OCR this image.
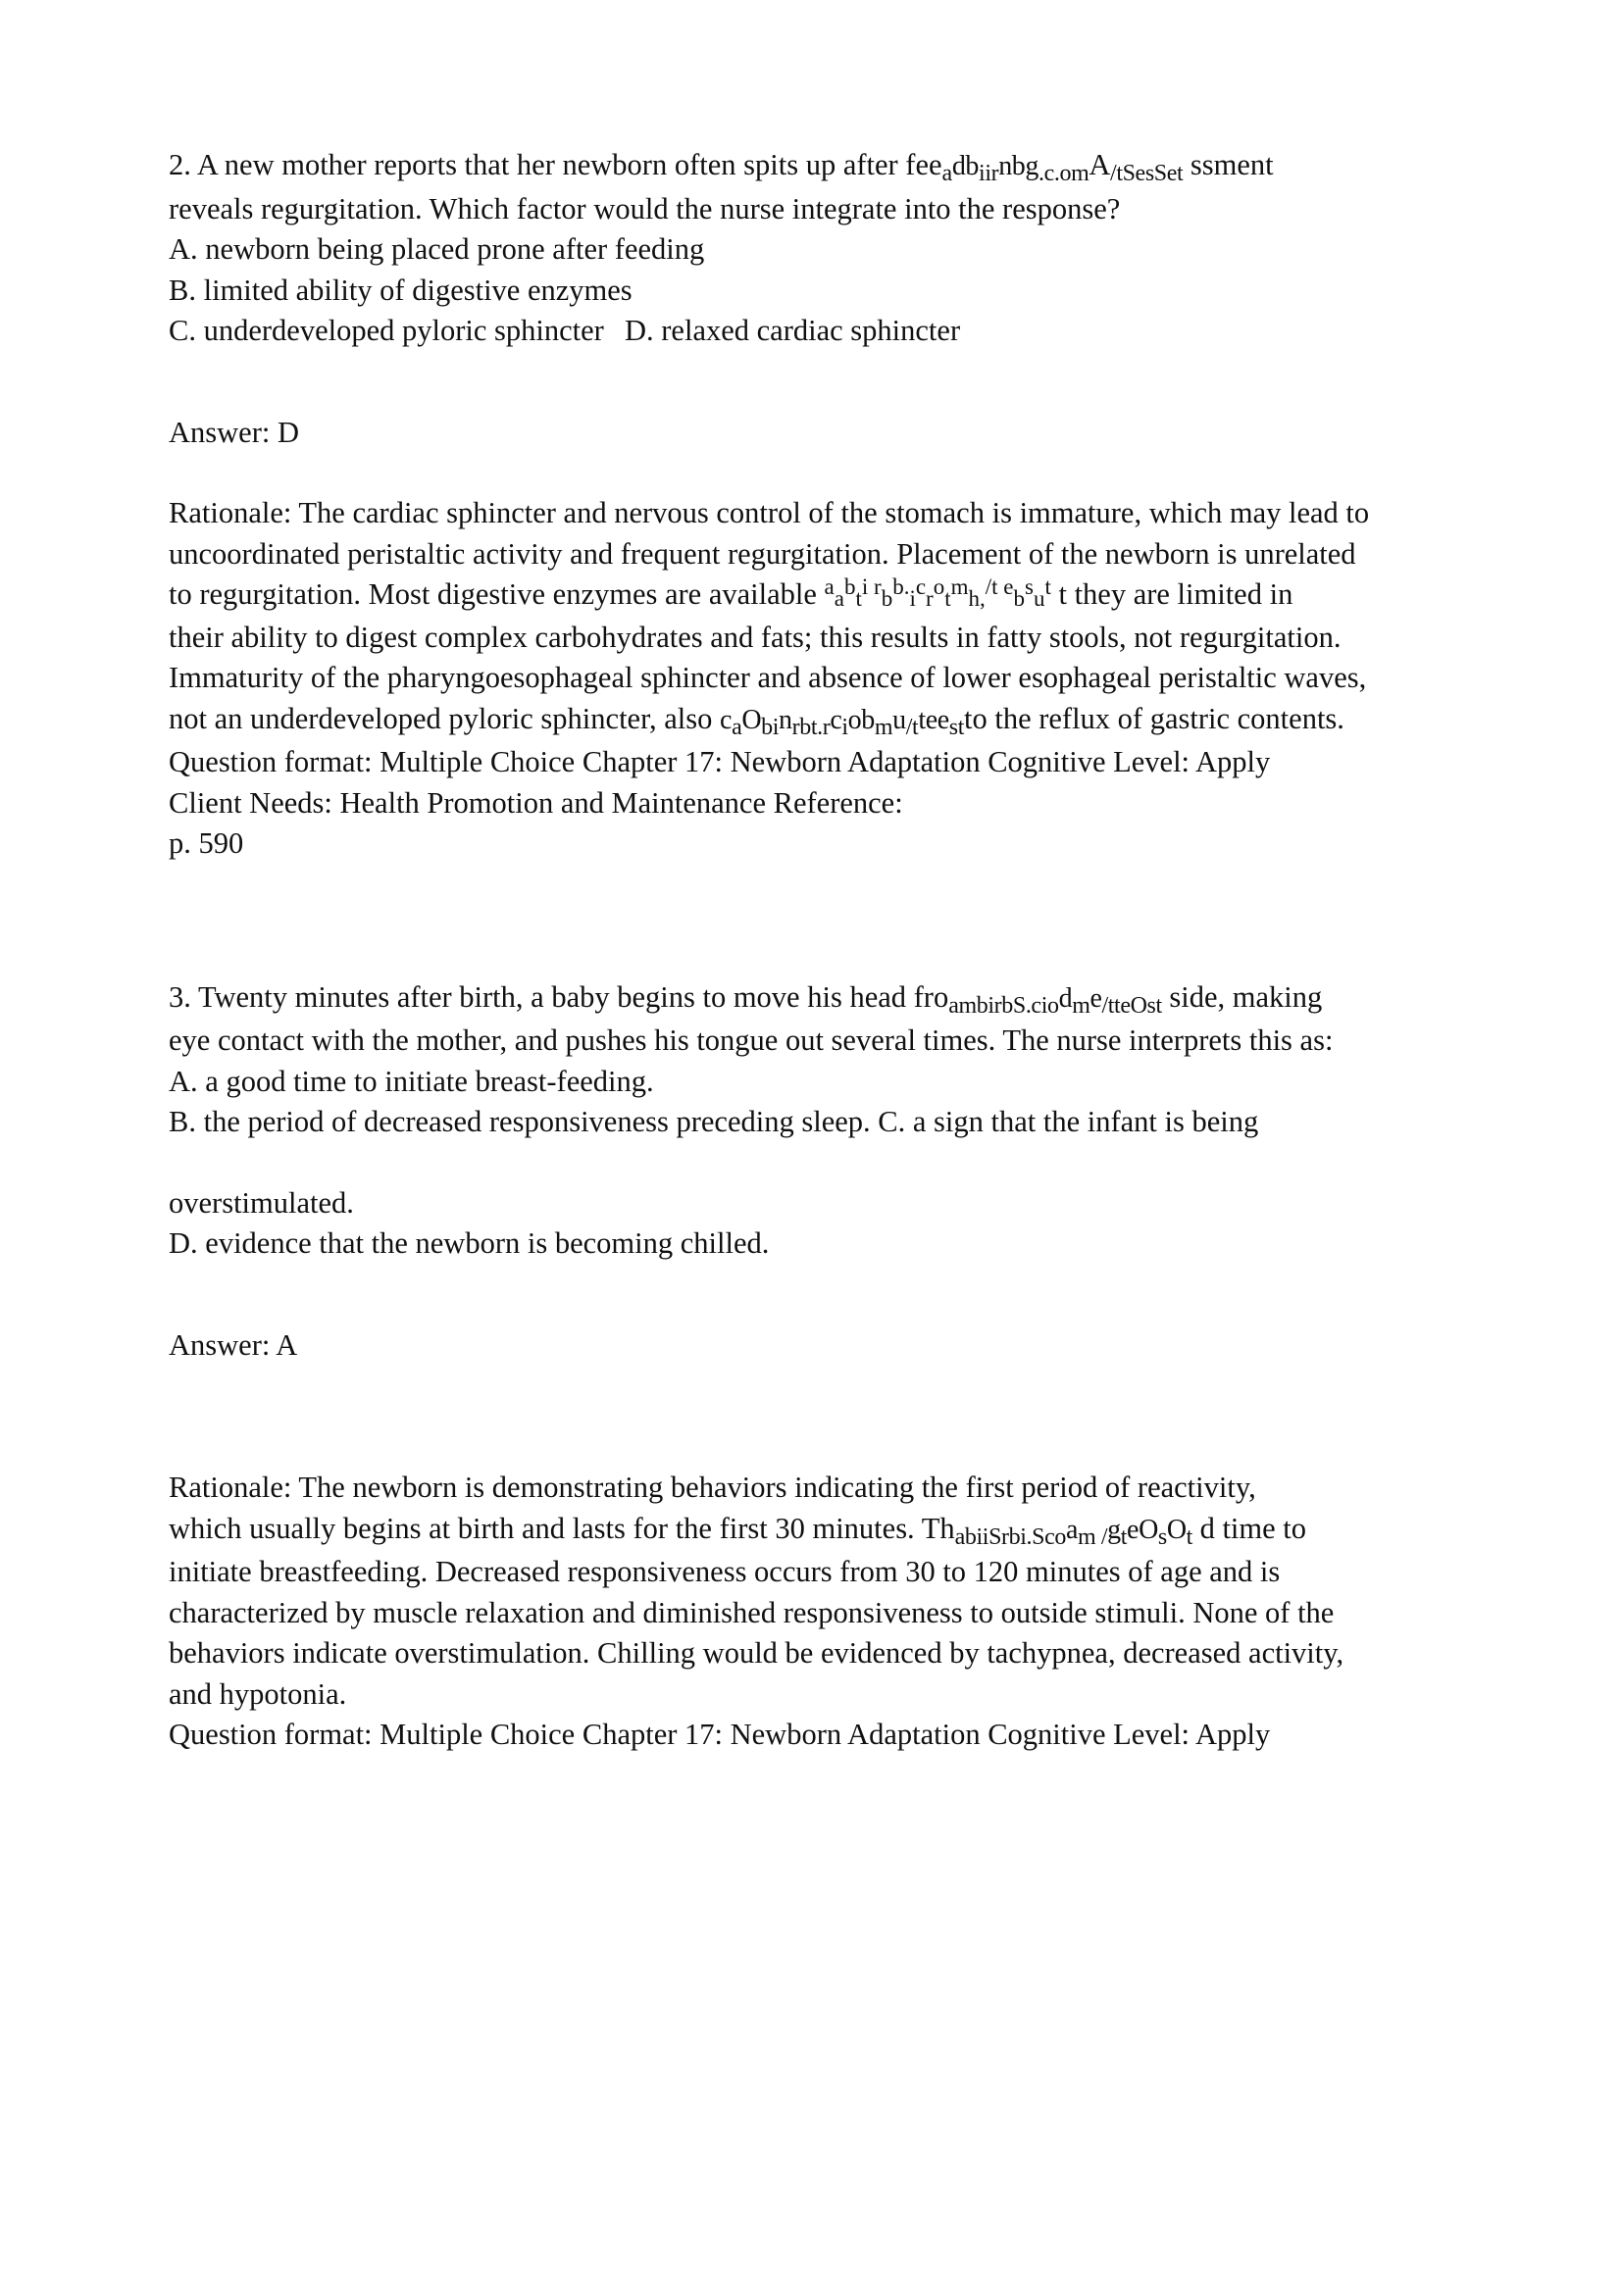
2. A new mother reports that her newborn often spits up after feeadbiirnbg.c.omA/tSesSet ssment

reveals regurgitation. Which factor would the nurse integrate into the response?

A. newborn being placed prone after feeding

B. limited ability of digestive enzymes

C. underdeveloped pyloric sphincter D. relaxed cardiac sphincter

Answer: D

Rationale: The cardiac sphincter and nervous control of the stomach is immature, which may lead to

uncoordinated peristaltic activity and frequent regurgitation. Placement of the newborn is unrelated

to regurgitation. Most digestive enzymes are available $^aa^bt^i$ $^rb^{b.}i^cr^ot^mh,^{/t}$ $^eb^su^t$ t they are limited in

their ability to digest complex carbohydrates and fats; this results in fatty stools, not regurgitation.

Immaturity of the pharyngoesophageal sphincter and absence of lower esophageal peristaltic waves,

not an underdeveloped pyloric sphincter, also caObinrbt.rciobmu/tteestto the reflux of gastric contents.

Question format: Multiple Choice Chapter 17: Newborn Adaptation Cognitive Level: Apply

Client Needs: Health Promotion and Maintenance Reference:

p. 590

3. Twenty minutes after birth, a baby begins to move his head froambirbS.ciodme/tteOst side, making

eye contact with the mother, and pushes his tongue out several times. The nurse interprets this as:

A. a good time to initiate breast-feeding.

B. the period of decreased responsiveness preceding sleep. C. a sign that the infant is being

overstimulated.

D. evidence that the newborn is becoming chilled.

Answer: A

Rationale: The newborn is demonstrating behaviors indicating the first period of reactivity,

which usually begins at birth and lasts for the first 30 minutes. ThabiiSrbi.Scoam /gteOsOt d time to

initiate breastfeeding. Decreased responsiveness occurs from 30 to 120 minutes of age and is

characterized by muscle relaxation and diminished responsiveness to outside stimuli. None of the

behaviors indicate overstimulation. Chilling would be evidenced by tachypnea, decreased activity,

and hypotonia.

Question format: Multiple Choice Chapter 17: Newborn Adaptation Cognitive Level: Apply
